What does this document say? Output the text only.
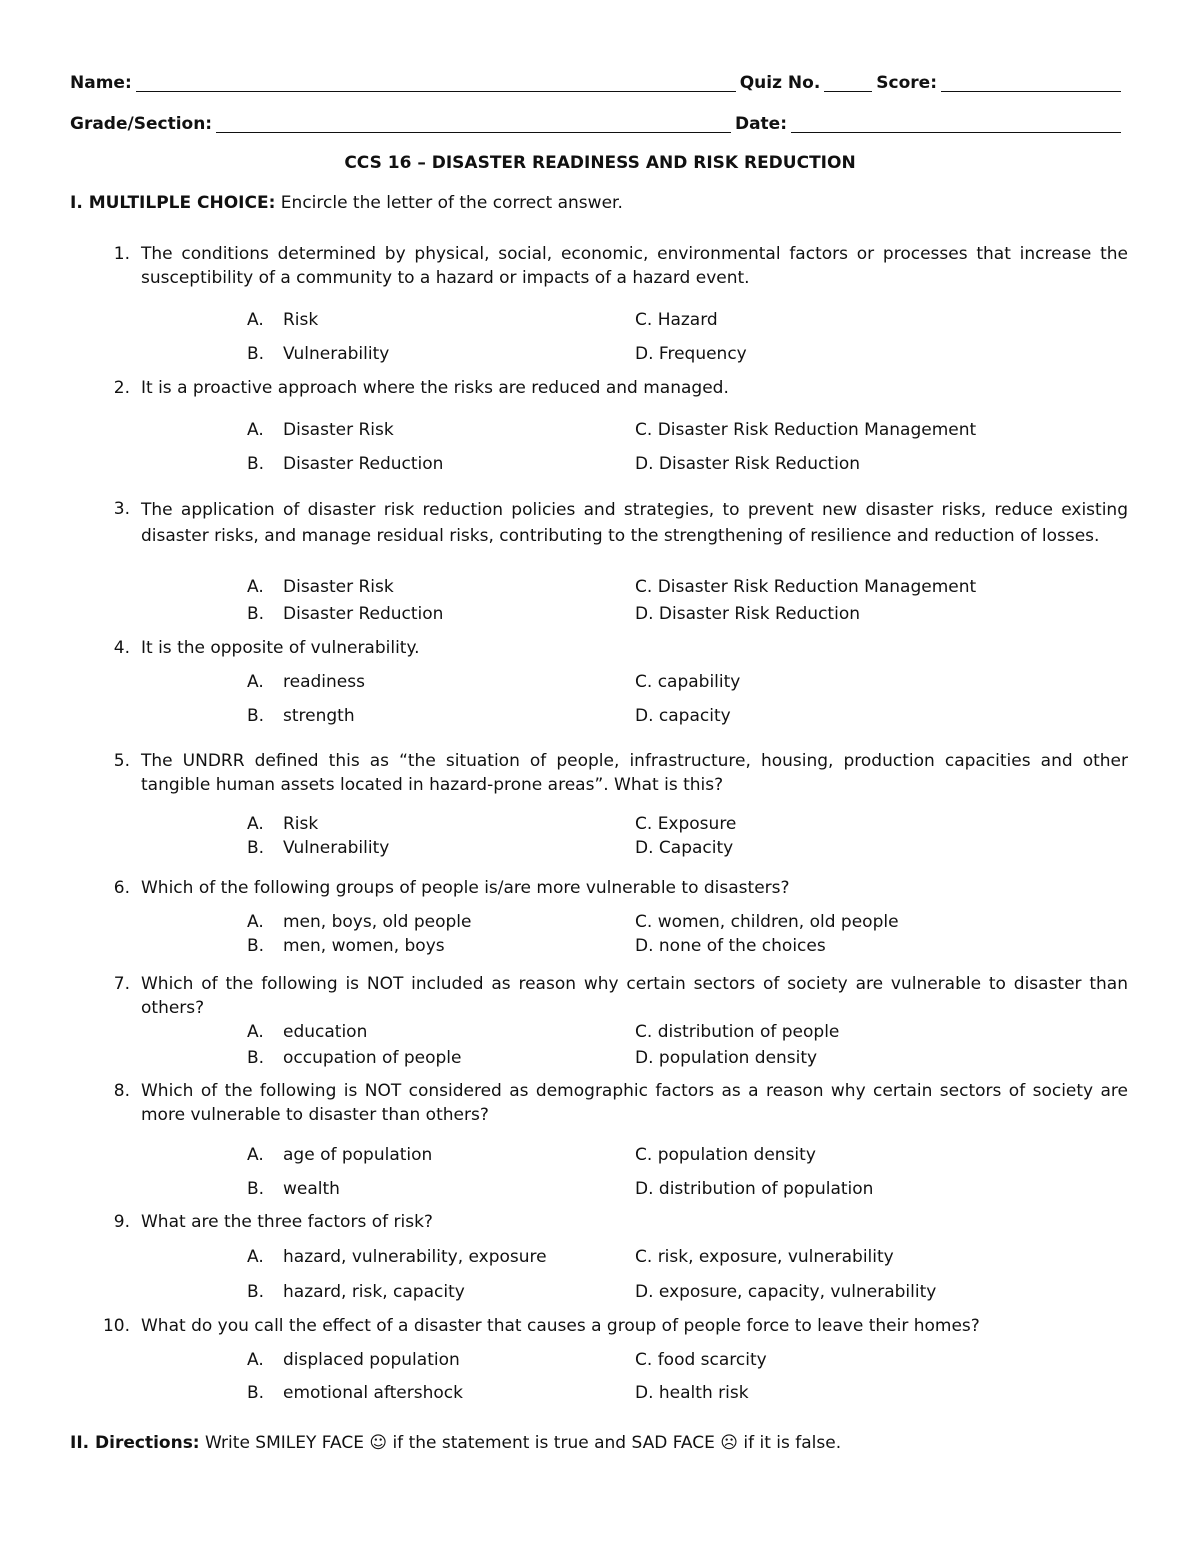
Name:	Quiz No.	Score:
Grade/Section:	Date:
CCS 16 – DISASTER READINESS AND RISK REDUCTION
I. MULTILPLE CHOICE: Encircle the letter of the correct answer.
1. The conditions determined by physical, social, economic, environmental factors or processes that increase the susceptibility of a community to a hazard or impacts of a hazard event.
A. Risk	C. Hazard
B. Vulnerability	D. Frequency
2. It is a proactive approach where the risks are reduced and managed.
A. Disaster Risk	C. Disaster Risk Reduction Management
B. Disaster Reduction	D. Disaster Risk Reduction
3. The application of disaster risk reduction policies and strategies, to prevent new disaster risks, reduce existing disaster risks, and manage residual risks, contributing to the strengthening of resilience and reduction of losses.
A. Disaster Risk	C. Disaster Risk Reduction Management
B. Disaster Reduction	D. Disaster Risk Reduction
4. It is the opposite of vulnerability.
A. readiness	C. capability
B. strength	D. capacity
5. The UNDRR defined this as “the situation of people, infrastructure, housing, production capacities and other tangible human assets located in hazard-prone areas”. What is this?
A. Risk	C. Exposure
B. Vulnerability	D. Capacity
6. Which of the following groups of people is/are more vulnerable to disasters?
A. men, boys, old people	C. women, children, old people
B. men, women, boys	D. none of the choices
7. Which of the following is NOT included as reason why certain sectors of society are vulnerable to disaster than others?
A. education	C. distribution of people
B. occupation of people	D. population density
8. Which of the following is NOT considered as demographic factors as a reason why certain sectors of society are more vulnerable to disaster than others?
A. age of population	C. population density
B. wealth	D. distribution of population
9. What are the three factors of risk?
A. hazard, vulnerability, exposure	C. risk, exposure, vulnerability
B. hazard, risk, capacity	D. exposure, capacity, vulnerability
10. What do you call the effect of a disaster that causes a group of people force to leave their homes?
A. displaced population	C. food scarcity
B. emotional aftershock	D. health risk
II. Directions: Write SMILEY FACE ☺ if the statement is true and SAD FACE ☹ if it is false.
